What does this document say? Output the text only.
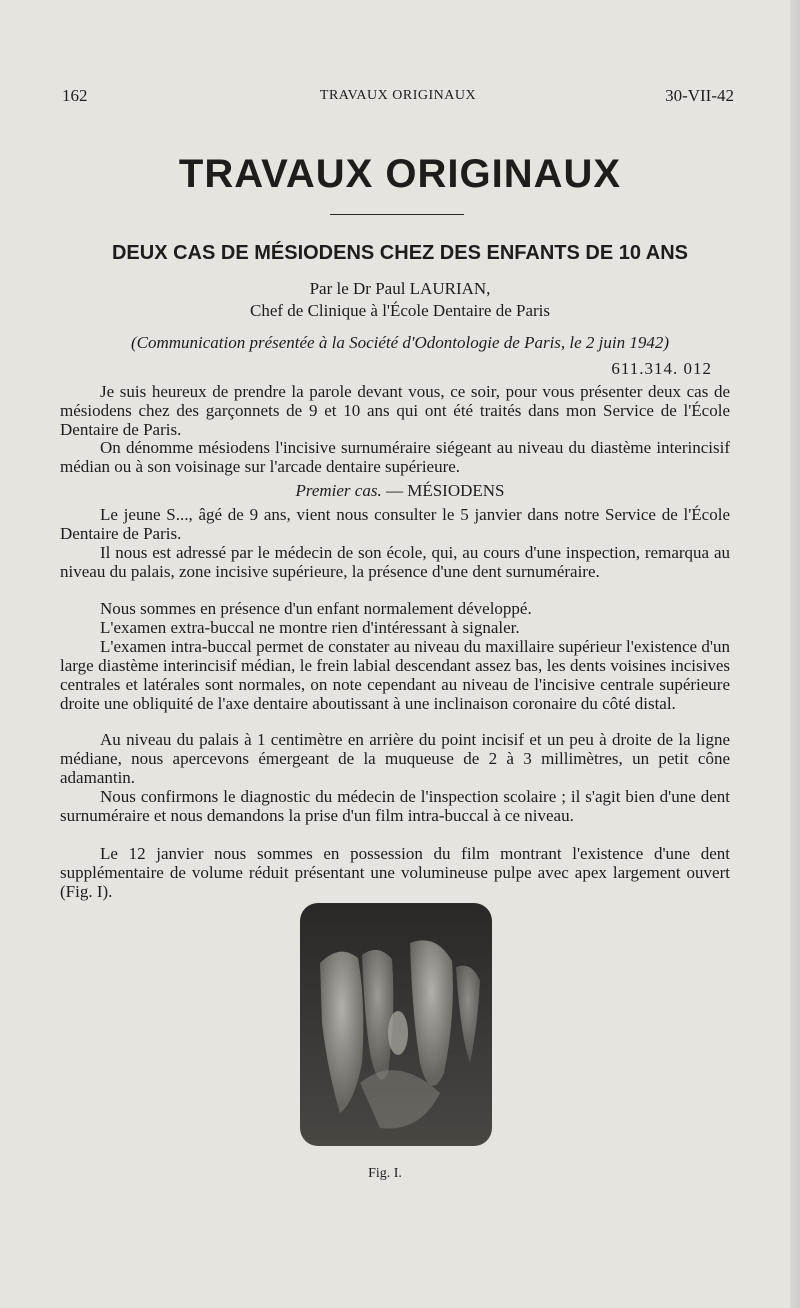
162	TRAVAUX ORIGINAUX	30-VII-42
TRAVAUX ORIGINAUX
DEUX CAS DE MÉSIODENS CHEZ DES ENFANTS DE 10 ANS
Par le Dr Paul LAURIAN,
Chef de Clinique à l'École Dentaire de Paris
(Communication présentée à la Société d'Odontologie de Paris, le 2 juin 1942)
611.314. 012

Je suis heureux de prendre la parole devant vous, ce soir, pour vous présenter deux cas de mésiodens chez des garçonnets de 9 et 10 ans qui ont été traités dans mon Service de l'École Dentaire de Paris.

On dénomme mésiodens l'incisive surnuméraire siégeant au niveau du diastème interincisif médian ou à son voisinage sur l'arcade dentaire supérieure.

Premier cas. — MÉSIODENS

Le jeune S..., âgé de 9 ans, vient nous consulter le 5 janvier dans notre Service de l'École Dentaire de Paris.

Il nous est adressé par le médecin de son école, qui, au cours d'une inspection, remarqua au niveau du palais, zone incisive supérieure, la présence d'une dent surnuméraire.

Nous sommes en présence d'un enfant normalement développé.

L'examen extra-buccal ne montre rien d'intéressant à signaler.

L'examen intra-buccal permet de constater au niveau du maxillaire supérieur l'existence d'un large diastème interincisif médian, le frein labial descendant assez bas, les dents voisines incisives centrales et latérales sont normales, on note cependant au niveau de l'incisive centrale supérieure droite une obliquité de l'axe dentaire aboutissant à une inclinaison coronaire du côté distal.

Au niveau du palais à 1 centimètre en arrière du point incisif et un peu à droite de la ligne médiane, nous apercevons émergeant de la muqueuse de 2 à 3 millimètres, un petit cône adamantin.

Nous confirmons le diagnostic du médecin de l'inspection scolaire ; il s'agit bien d'une dent surnuméraire et nous demandons la prise d'un film intra-buccal à ce niveau.

Le 12 janvier nous sommes en possession du film montrant l'existence d'une dent supplémentaire de volume réduit présentant une volumineuse pulpe avec apex largement ouvert (Fig. I).

Fig. I.
